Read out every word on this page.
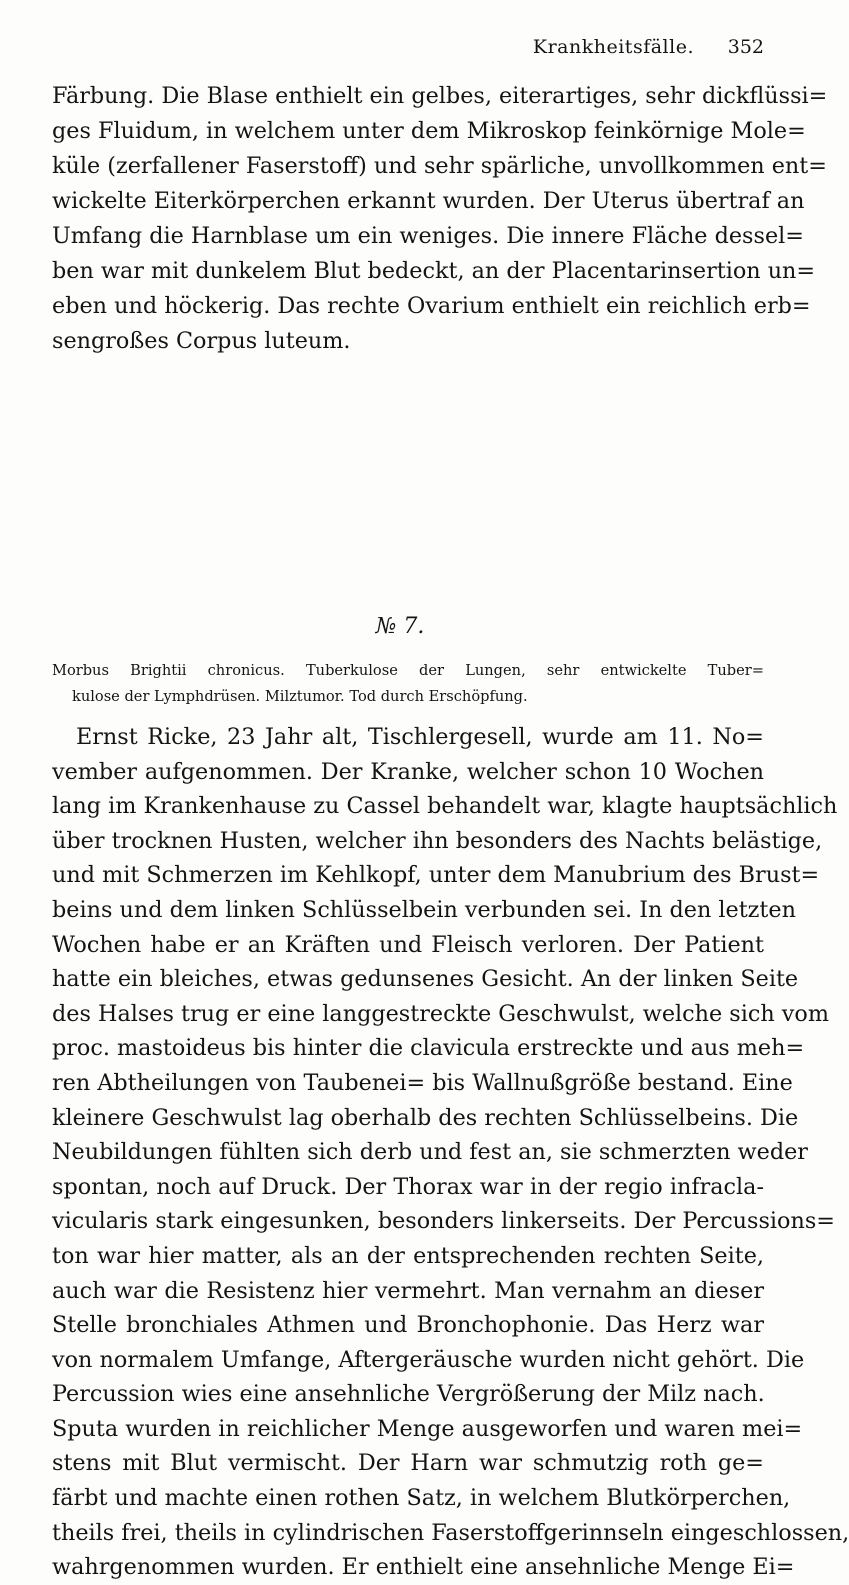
Krankheitsfälle. 352
Färbung. Die Blase enthielt ein gelbes, eiterartiges, sehr dickflüssi=
ges Fluidum, in welchem unter dem Mikroskop feinkörnige Mole=
küle (zerfallener Faserstoff) und sehr spärliche, unvollkommen ent=
wickelte Eiterkörperchen erkannt wurden. Der Uterus übertraf an
Umfang die Harnblase um ein weniges. Die innere Fläche dessel=
ben war mit dunkelem Blut bedeckt, an der Placentarinsertion un=
eben und höckerig. Das rechte Ovarium enthielt ein reichlich erb=
sengroßes Corpus luteum.
№ 7.
Morbus Brightii chronicus. Tuberkulose der Lungen, sehr entwickelte Tuber=
kulose der Lymphdrüsen. Milztumor. Tod durch Erschöpfung.
Ernst Ricke, 23 Jahr alt, Tischlergesell, wurde am 11. No=
vember aufgenommen. Der Kranke, welcher schon 10 Wochen
lang im Krankenhause zu Cassel behandelt war, klagte hauptsächlich
über trocknen Husten, welcher ihn besonders des Nachts belästige,
und mit Schmerzen im Kehlkopf, unter dem Manubrium des Brust=
beins und dem linken Schlüsselbein verbunden sei. In den letzten
Wochen habe er an Kräften und Fleisch verloren. Der Patient
hatte ein bleiches, etwas gedunsenes Gesicht. An der linken Seite
des Halses trug er eine langgestreckte Geschwulst, welche sich vom
proc. mastoideus bis hinter die clavicula erstreckte und aus meh=
ren Abtheilungen von Taubenei= bis Wallnußgröße bestand. Eine
kleinere Geschwulst lag oberhalb des rechten Schlüsselbeins. Die
Neubildungen fühlten sich derb und fest an, sie schmerzten weder
spontan, noch auf Druck. Der Thorax war in der regio infracla-
vicularis stark eingesunken, besonders linkerseits. Der Percussions=
ton war hier matter, als an der entsprechenden rechten Seite,
auch war die Resistenz hier vermehrt. Man vernahm an dieser
Stelle bronchiales Athmen und Bronchophonie. Das Herz war
von normalem Umfange, Aftergeräusche wurden nicht gehört. Die
Percussion wies eine ansehnliche Vergrößerung der Milz nach.
Sputa wurden in reichlicher Menge ausgeworfen und waren mei=
stens mit Blut vermischt. Der Harn war schmutzig roth ge=
färbt und machte einen rothen Satz, in welchem Blutkörperchen,
theils frei, theils in cylindrischen Faserstoffgerinnseln eingeschlossen,
wahrgenommen wurden. Er enthielt eine ansehnliche Menge Ei=
